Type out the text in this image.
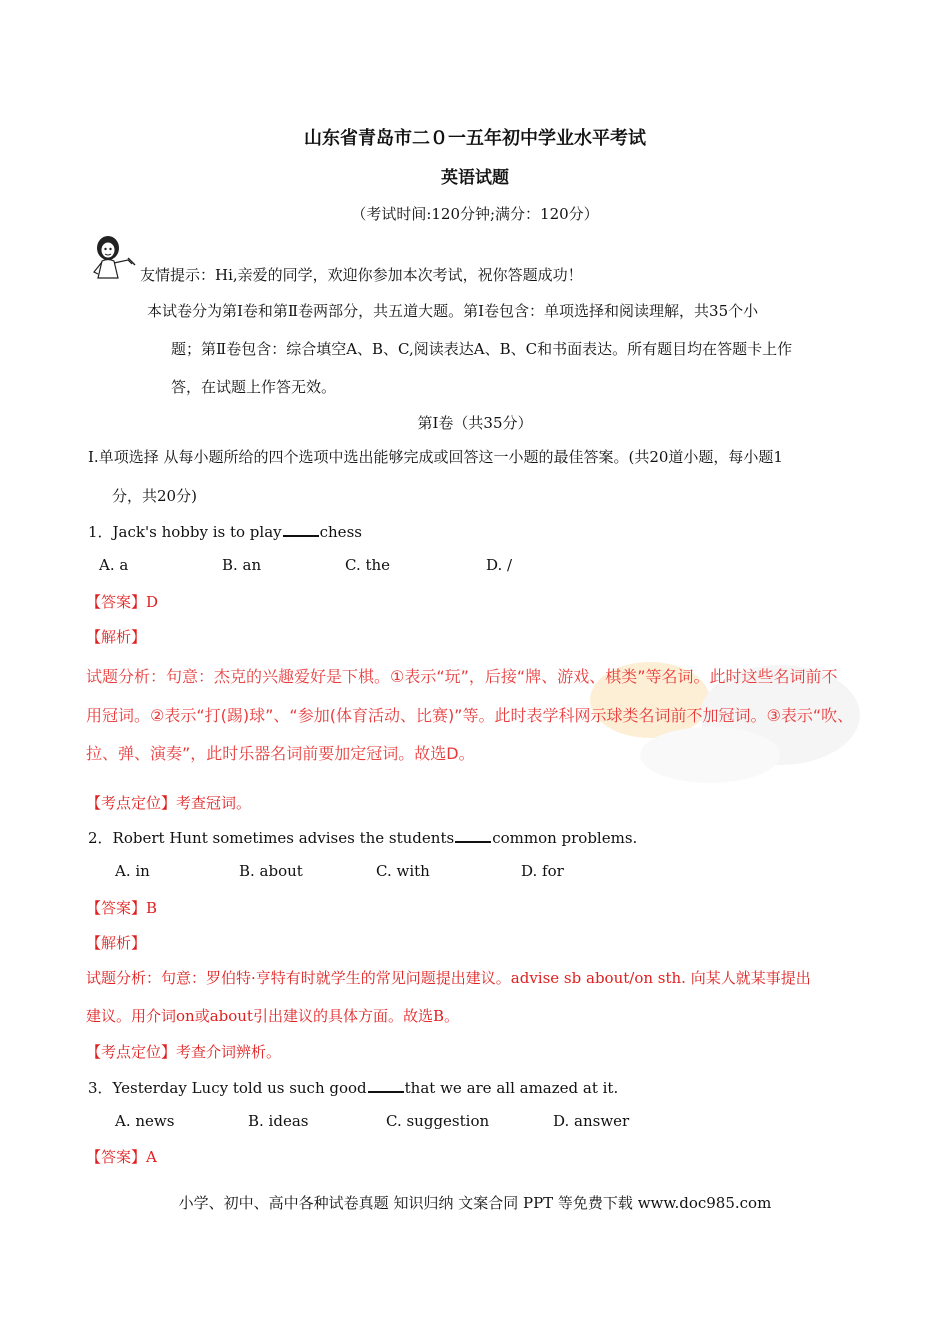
山东省青岛市二０一五年初中学业水平考试
英语试题
（考试时间:120分钟;满分：120分）
友情提示：Hi,亲爱的同学，欢迎你参加本次考试，祝你答题成功！
本试卷分为第Ⅰ卷和第Ⅱ卷两部分，共五道大题。第Ⅰ卷包含：单项选择和阅读理解，共35个小
题；第Ⅱ卷包含：综合填空A、B、C,阅读表达A、B、C和书面表达。所有题目均在答题卡上作
答，在试题上作答无效。
第Ⅰ卷（共35分）
Ⅰ.单项选择 从每小题所给的四个选项中选出能够完成或回答这一小题的最佳答案。(共20道小题，每小题1
分，共20分)
1．Jack's hobby is to play	chess
A. a	B. an	C. the	D. /
【答案】D
【解析】
试题分析：句意：杰克的兴趣爱好是下棋。①表示“玩”，后接“牌、游戏、棋类”等名词。此时这些名词前不
用冠词。②表示“打(踢)球”、“参加(体育活动、比赛)”等。此时表学科网示球类名词前不加冠词。③表示“吹、
拉、弹、演奏”，此时乐器名词前要加定冠词。故选D。
【考点定位】考查冠词。
2．Robert Hunt sometimes advises the students	common problems.
A. in	B. about	C. with	D. for
【答案】B
【解析】
试题分析：句意：罗伯特·亨特有时就学生的常见问题提出建议。advise sb about/on sth. 向某人就某事提出
建议。用介词on或about引出建议的具体方面。故选B。
【考点定位】考查介词辨析。
3．Yesterday Lucy told us such good	that we are all amazed at it.
A. news	B. ideas	C. suggestion	D. answer
【答案】A
小学、初中、高中各种试卷真题 知识归纳 文案合同 PPT 等免费下载 www.doc985.com
